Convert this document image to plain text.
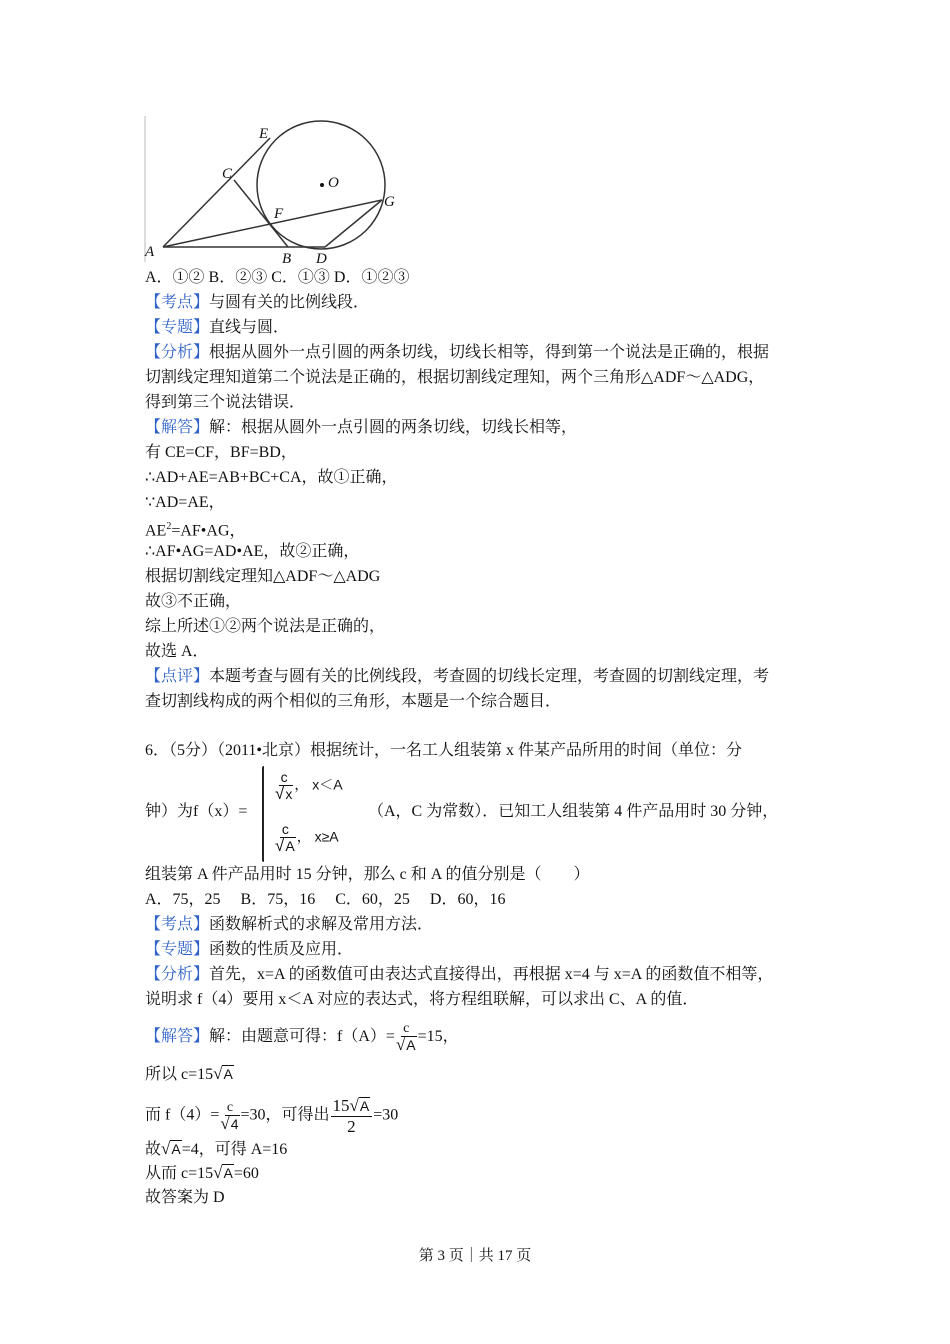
E
C
O
F
G
A	B D
A．①② B．②③ C．①③ D．①②③
【考点】与圆有关的比例线段．
【专题】直线与圆．
【分析】根据从圆外一点引圆的两条切线，切线长相等，得到第一个说法是正确的，根据
切割线定理知道第二个说法是正确的，根据切割线定理知，两个三角形△ADF～△ADG，
得到第三个说法错误．
【解答】解：根据从圆外一点引圆的两条切线，切线长相等，
有 CE=CF，BF=BD，
∴AD+AE=AB+BC+CA，故①正确，
∵AD=AE，
$AE^2=AF•AG$，
∴AF•AG=AD•AE，故②正确，
根据切割线定理知△ADF～△ADG
故③不正确，
综上所述①②两个说法是正确的，
故选 A．
【点评】本题考查与圆有关的比例线段，考查圆的切线长定理，考查圆的切割线定理，考
查切割线构成的两个相似的三角形，本题是一个综合题目．
6．（5分）（2011•北京）根据统计，一名工人组装第 x 件某产品所用的时间（单位：分
钟）为f（x）=
$\frac{c}{√x}$ ， x＜A
$\frac{c}{√A}$ ， x≥A
（A，C 为常数）．已知工人组装第 4 件产品用时 30 分钟，
组装第 A 件产品用时 15 分钟，那么 c 和 A 的值分别是（　　）
A．75，25　 B．75，16　 C．60，25　 D．60，16
【考点】函数解析式的求解及常用方法．
【专题】函数的性质及应用．
【分析】首先，x=A 的函数值可由表达式直接得出，再根据 x=4 与 x=A 的函数值不相等，
说明求 f（4）要用 x＜A 对应的表达式，将方程组联解，可以求出 C、A 的值．
【解答】解：由题意可得：$f(A)= \frac{c}{√A} =15$，
所以 c=15√A
而 $f(4)= \frac{c}{√4} =30$，可得出 $\frac{15√A}{2} =30$
故√A=4，可得 A=16
从而 c=15√A=60
故答案为 D
第 3 页｜共 17 页
